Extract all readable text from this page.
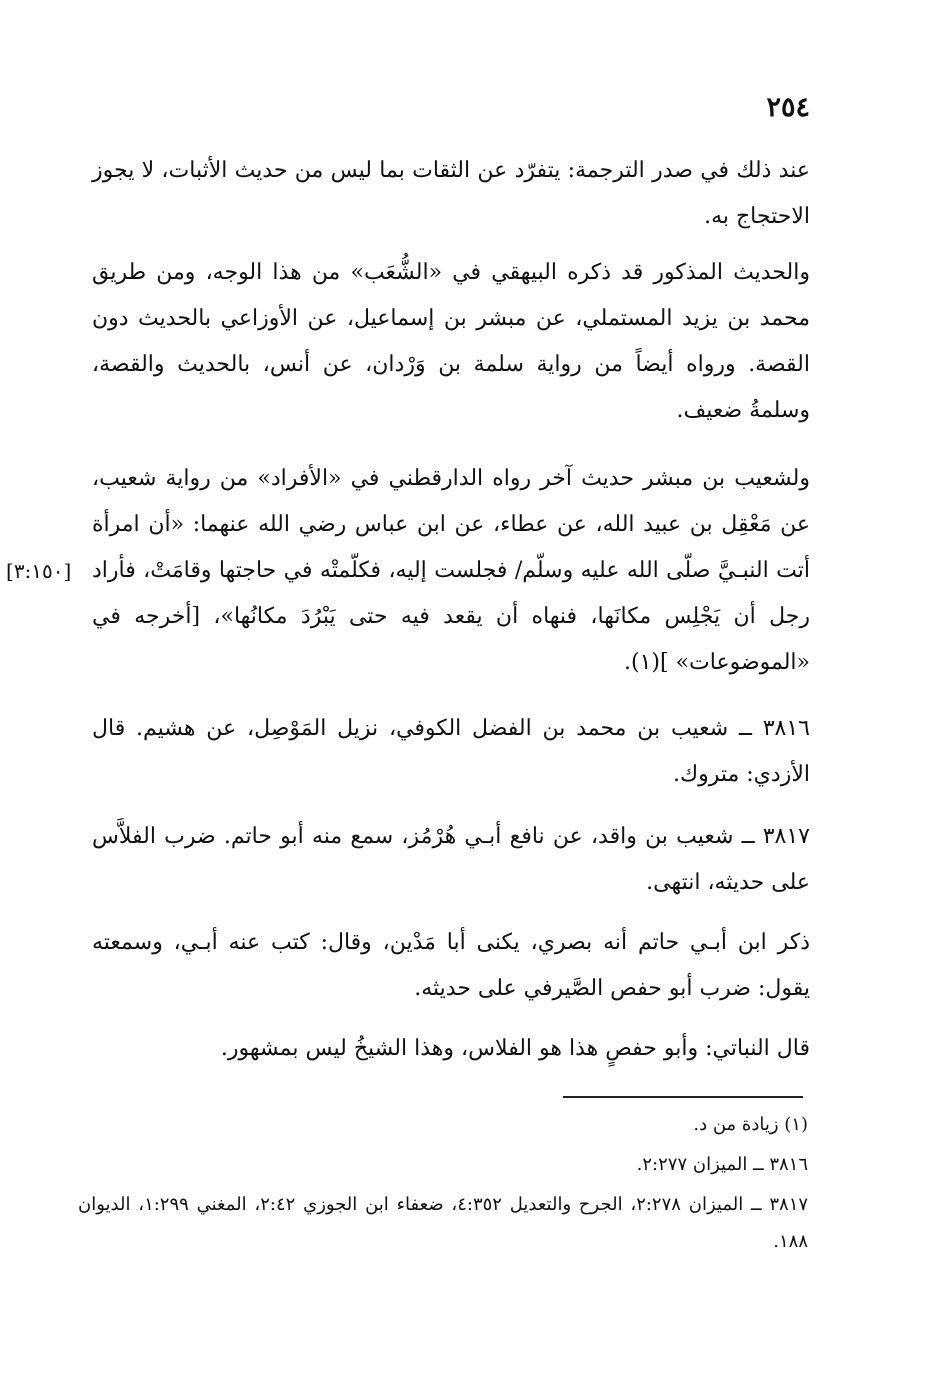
٢٥٤

عند ذلك في صدر الترجمة: يتفرّد عن الثقات بما ليس من حديث الأثبات، لا يجوز الاحتجاج به.

والحديث المذكور قد ذكره البيهقي في «الشُّعَب» من هذا الوجه، ومن طريق محمد بن يزيد المستملي، عن مبشر بن إسماعيل، عن الأوزاعي بالحديث دون القصة. ورواه أيضاً من رواية سلمة بن وَرْدان، عن أنس، بالحديث والقصة، وسلمةُ ضعيف.

ولشعيب بن مبشر حديث آخر رواه الدارقطني في «الأفراد» من رواية شعيب، عن مَعْقِل بن عبيد الله، عن عطاء، عن ابن عباس رضي الله عنهما: «أن امرأة أتت النبـيَّ صلّى الله عليه وسلّم/ فجلست إليه، فكلّمتْه في حاجتها وقامَتْ، فأراد رجل أن يَجْلِس مكانَها، فنهاه أن يقعد فيه حتى يَبْرُدَ مكانُها»، [أخرجه في «الموضوعات» ](١).

[٣:١٥٠]

٣٨١٦ ــ شعيب بن محمد بن الفضل الكوفي، نزيل المَوْصِل، عن هشيم. قال الأزدي: متروك.

٣٨١٧ ــ شعيب بن واقد، عن نافع أبـي هُرْمُز، سمع منه أبو حاتم. ضرب الفلاَّس على حديثه، انتهى.

ذكر ابن أبـي حاتم أنه بصري، يكنى أبا مَدْين، وقال: كتب عنه أبـي، وسمعته يقول: ضرب أبو حفص الصَّيرفي على حديثه.

قال النباتي: وأبو حفصٍ هذا هو الفلاس، وهذا الشيخُ ليس بمشهور.

(١) زيادة من د.
٣٨١٦ ــ الميزان ٢:٢٧٧.
٣٨١٧ ــ الميزان ٢:٢٧٨، الجرح والتعديل ٤:٣٥٢، ضعفاء ابن الجوزي ٢:٤٢، المغني ١:٢٩٩، الديوان ١٨٨.
